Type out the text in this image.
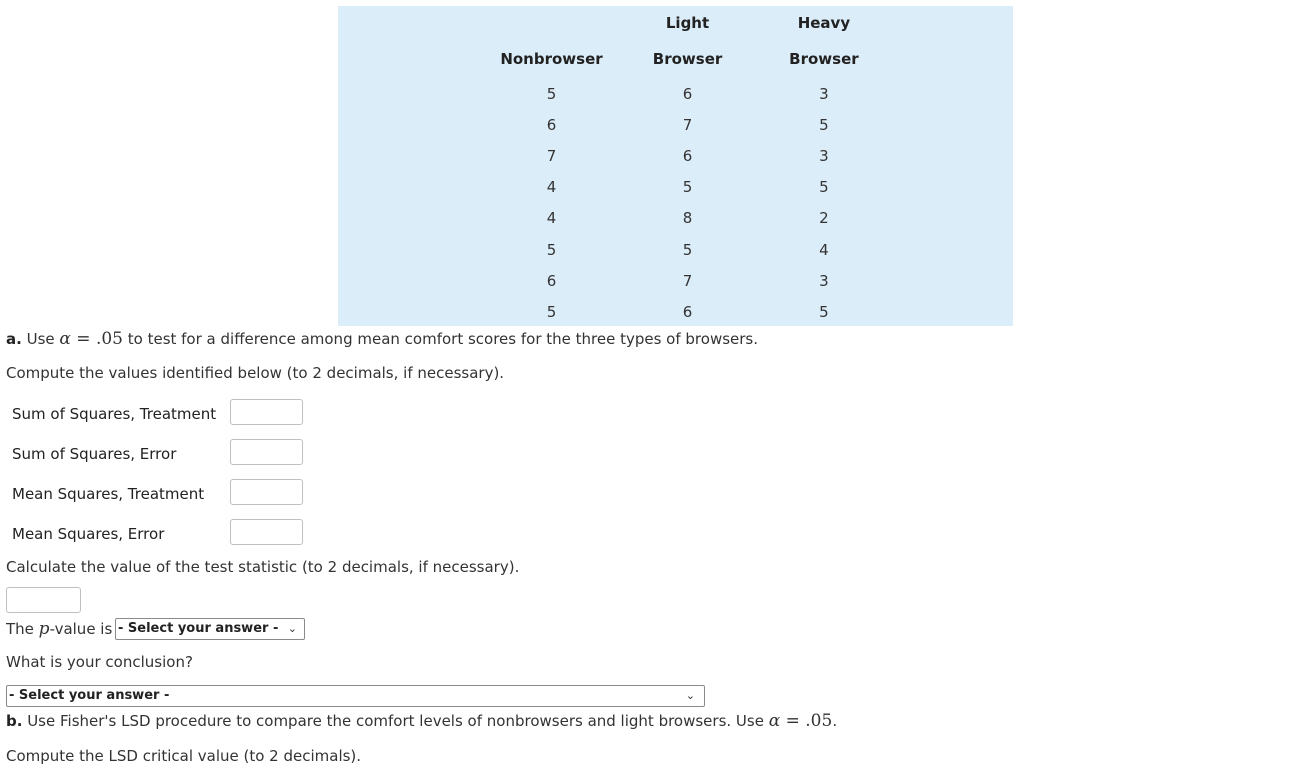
		Light	Heavy	
	Nonbrowser	Browser	Browser	
	5	6	3	
	6	7	5	
	7	6	3	
	4	5	5	
	4	8	2	
	5	5	4	
	6	7	3	
	5	6	5	
a. Use α = .05 to test for a difference among mean comfort scores for the three types of browsers.
Compute the values identified below (to 2 decimals, if necessary).
Sum of Squares, Treatment
Sum of Squares, Error
Mean Squares, Treatment
Mean Squares, Error
Calculate the value of the test statistic (to 2 decimals, if necessary).
The p-value is - Select your answer - ⌄
What is your conclusion?
- Select your answer -	⌄
b. Use Fisher's LSD procedure to compare the comfort levels of nonbrowsers and light browsers. Use α = .05.
Compute the LSD critical value (to 2 decimals).
